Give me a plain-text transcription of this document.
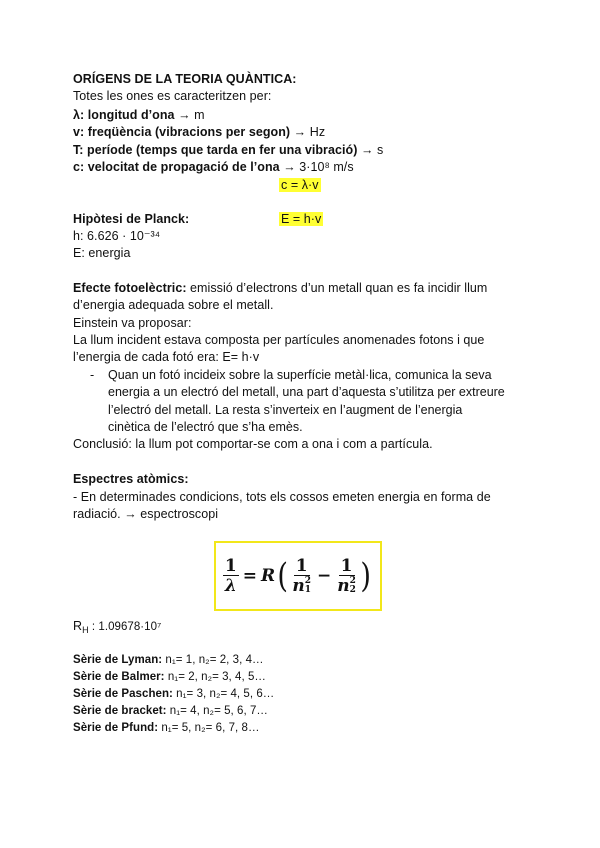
ORÍGENS DE LA TEORIA QUÀNTICA:
Totes les ones es caracteritzen per:
λ: longitud d’ona → m
v: freqüència (vibracions per segon) → Hz
T: període (temps que tarda en fer una vibració) → s
c: velocitat de propagació de l’ona → 3·10⁸ m/s
c = λ·v
Hipòtesi de Planck:	E = h·v
h: 6.626 · 10⁻³⁴
E: energia
Efecte fotoelèctric: emissió d’electrons d’un metall quan es fa incidir llum
d’energia adequada sobre el metall.
Einstein va proposar:
La llum incident estava composta per partícules anomenades fotons i que
l’energia de cada fotó era: E= h·v
- Quan un fotó incideix sobre la superfície metàl·lica, comunica la seva
energia a un electró del metall, una part d’aquesta s’utilitza per extreure
l’electró del metall. La resta s’inverteix en l’augment de l’energia
cinètica de l’electró que s’ha emès.
Conclusió: la llum pot comportar-se com a ona i com a partícula.
Espectres atòmics:
- En determinades condicions, tots els cossos emeten energia en forma de
radiació. → espectroscopi
$\frac{1}{\lambda} = R$ ( 1
n 2
1 − 1
n 2
2 )
$R_H$ : 1.09678·10⁷
Sèrie de Lyman: n₁= 1, n₂= 2, 3, 4…
Sèrie de Balmer: n₁= 2, n₂= 3, 4, 5…
Sèrie de Paschen: n₁= 3, n₂= 4, 5, 6…
Sèrie de bracket: n₁= 4, n₂= 5, 6, 7…
Sèrie de Pfund: n₁= 5, n₂= 6, 7, 8…
